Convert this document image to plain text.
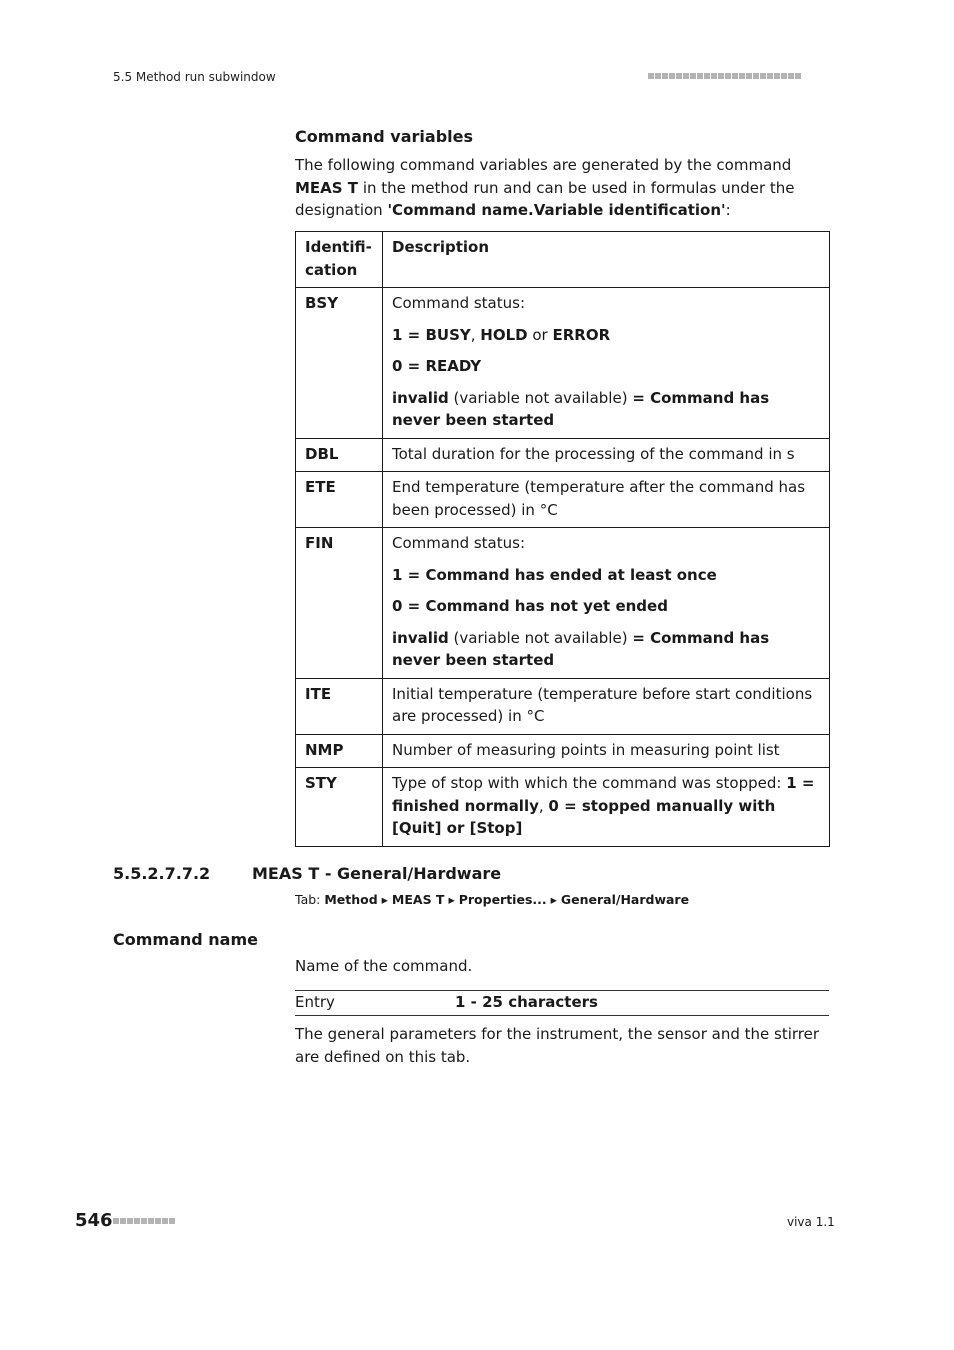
5.5 Method run subwindow
Command variables
The following command variables are generated by the command MEAS T in the method run and can be used in formulas under the designation 'Command name.Variable identification':
Identifi-cation	Description
BSY	Command status:
1 = BUSY, HOLD or ERROR
0 = READY
invalid (variable not available) = Command has never been started

DBL	Total duration for the processing of the command in s
ETE	End temperature (temperature after the command has been processed) in °C
FIN	Command status:
1 = Command has ended at least once
0 = Command has not yet ended
invalid (variable not available) = Command has never been started

ITE	Initial temperature (temperature before start conditions are processed) in °C
NMP	Number of measuring points in measuring point list
STY	Type of stop with which the command was stopped: 1 = finished normally, 0 = stopped manually with [Quit] or [Stop]
5.5.2.7.7.2	MEAS T - General/Hardware
Tab: Method ▸ MEAS T ▸ Properties... ▸ General/Hardware
Command name
Name of the command.
Entry	1 - 25 characters
The general parameters for the instrument, the sensor and the stirrer are defined on this tab.
546	viva 1.1
